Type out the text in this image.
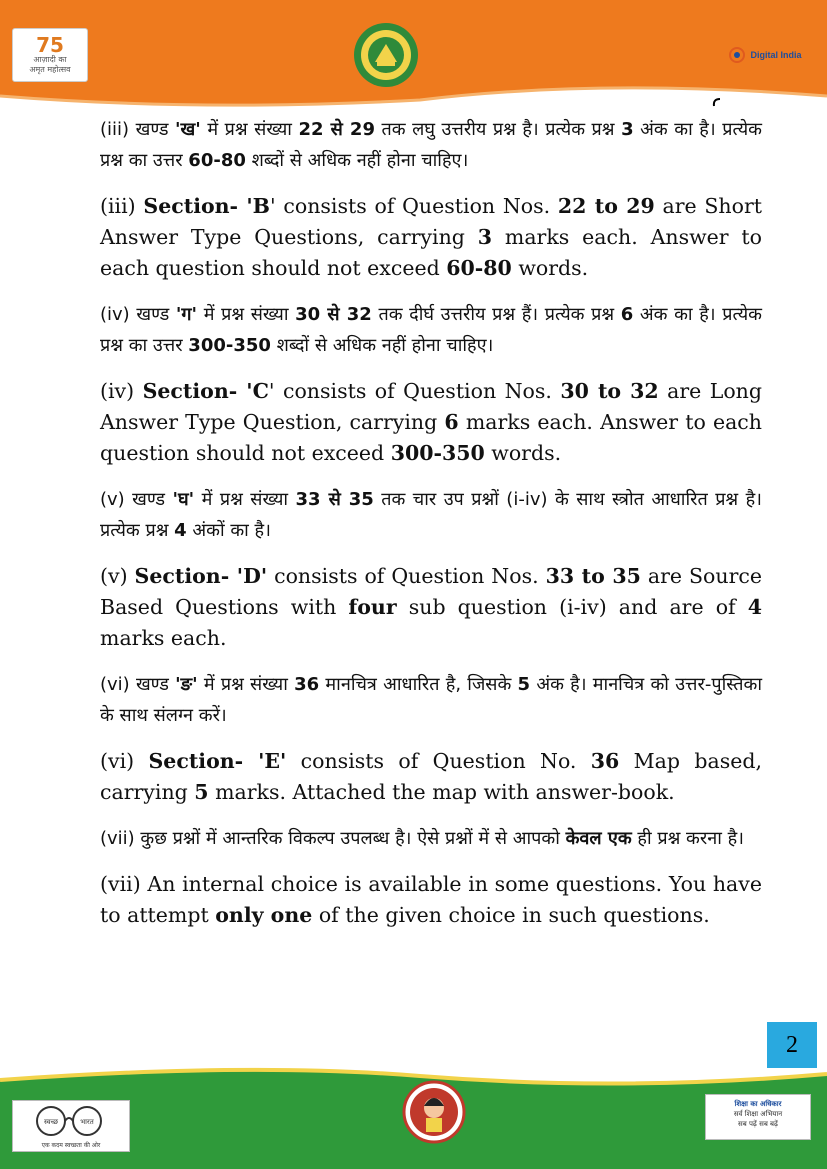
75
आज़ादी का
अमृत महोत्सव
Digital India

(iii) खण्ड 'ख' में प्रश्न संख्या 22 से 29 तक लघु उत्तरीय प्रश्न है। प्रत्येक प्रश्न 3 अंक का है। प्रत्येक प्रश्न का उत्तर 60-80 शब्दों से अधिक नहीं होना चाहिए।

(iii) Section- 'B' consists of Question Nos. 22 to 29 are Short Answer Type Questions, carrying 3 marks each. Answer to each question should not exceed 60-80 words.

(iv) खण्ड 'ग' में प्रश्न संख्या 30 से 32 तक दीर्घ उत्तरीय प्रश्न हैं। प्रत्येक प्रश्न 6 अंक का है। प्रत्येक प्रश्न का उत्तर 300-350 शब्दों से अधिक नहीं होना चाहिए।

(iv) Section- 'C' consists of Question Nos. 30 to 32 are Long Answer Type Question, carrying 6 marks each. Answer to each question should not exceed 300-350 words.

(v) खण्ड 'घ' में प्रश्न संख्या 33 से 35 तक चार उप प्रश्नों (i-iv) के साथ स्त्रोत आधारित प्रश्न है। प्रत्येक प्रश्न 4 अंकों का है।

(v) Section- 'D' consists of Question Nos. 33 to 35 are Source Based Questions with four sub question (i-iv) and are of 4 marks each.

(vi) खण्ड 'ङ' में प्रश्न संख्या 36 मानचित्र आधारित है, जिसके 5 अंक है। मानचित्र को उत्तर-पुस्तिका के साथ संलग्न करें।

(vi) Section- 'E' consists of Question No. 36 Map based, carrying 5 marks. Attached the map with answer-book.

(vii) कुछ प्रश्नों में आन्तरिक विकल्प उपलब्ध है। ऐसे प्रश्नों में से आपको केवल एक ही प्रश्न करना है।

(vii) An internal choice is available in some questions. You have to attempt only one of the given choice in such questions.

2
स्वच्छ	भारत
एक कदम स्वच्छता की ओर
शिक्षा का अधिकार
सर्व शिक्षा अभियान
सब पढ़ें सब बढ़ें
